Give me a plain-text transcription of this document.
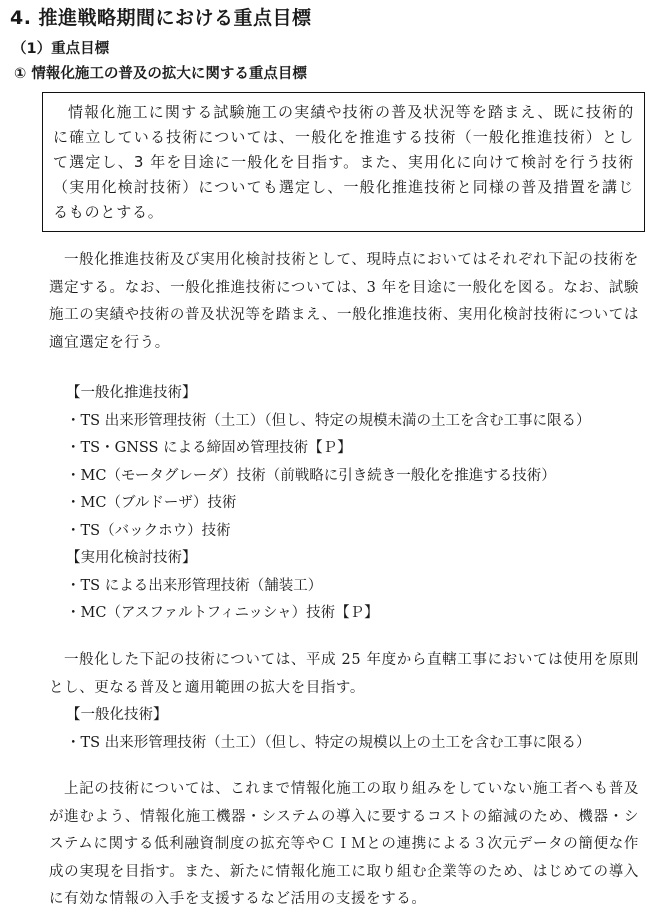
4. 推進戦略期間における重点目標
（1）重点目標
① 情報化施工の普及の拡大に関する重点目標

情報化施工に関する試験施工の実績や技術の普及状況等を踏まえ、既に技術的に確立している技術については、一般化を推進する技術（一般化推進技術）として選定し、3 年を目途に一般化を目指す。また、実用化に向けて検討を行う技術（実用化検討技術）についても選定し、一般化推進技術と同様の普及措置を講じるものとする。

一般化推進技術及び実用化検討技術として、現時点においてはそれぞれ下記の技術を選定する。なお、一般化推進技術については、3 年を目途に一般化を図る。なお、試験施工の実績や技術の普及状況等を踏まえ、一般化推進技術、実用化検討技術については適宜選定を行う。

【一般化推進技術】
・TS 出来形管理技術（土工）（但し、特定の規模未満の土工を含む工事に限る）
・TS・GNSS による締固め管理技術【Ｐ】
・MC（モータグレーダ）技術（前戦略に引き続き一般化を推進する技術）
・MC（ブルドーザ）技術
・TS（バックホウ）技術
【実用化検討技術】
・TS による出来形管理技術（舗装工）
・MC（アスファルトフィニッシャ）技術【Ｐ】

一般化した下記の技術については、平成 25 年度から直轄工事においては使用を原則とし、更なる普及と適用範囲の拡大を目指す。

【一般化技術】
・TS 出来形管理技術（土工）（但し、特定の規模以上の土工を含む工事に限る）

上記の技術については、これまで情報化施工の取り組みをしていない施工者へも普及が進むよう、情報化施工機器・システムの導入に要するコストの縮減のため、機器・システムに関する低利融資制度の拡充等やＣＩＭとの連携による３次元データの簡便な作成の実現を目指す。また、新たに情報化施工に取り組む企業等のため、はじめての導入に有効な情報の入手を支援するなど活用の支援をする。
